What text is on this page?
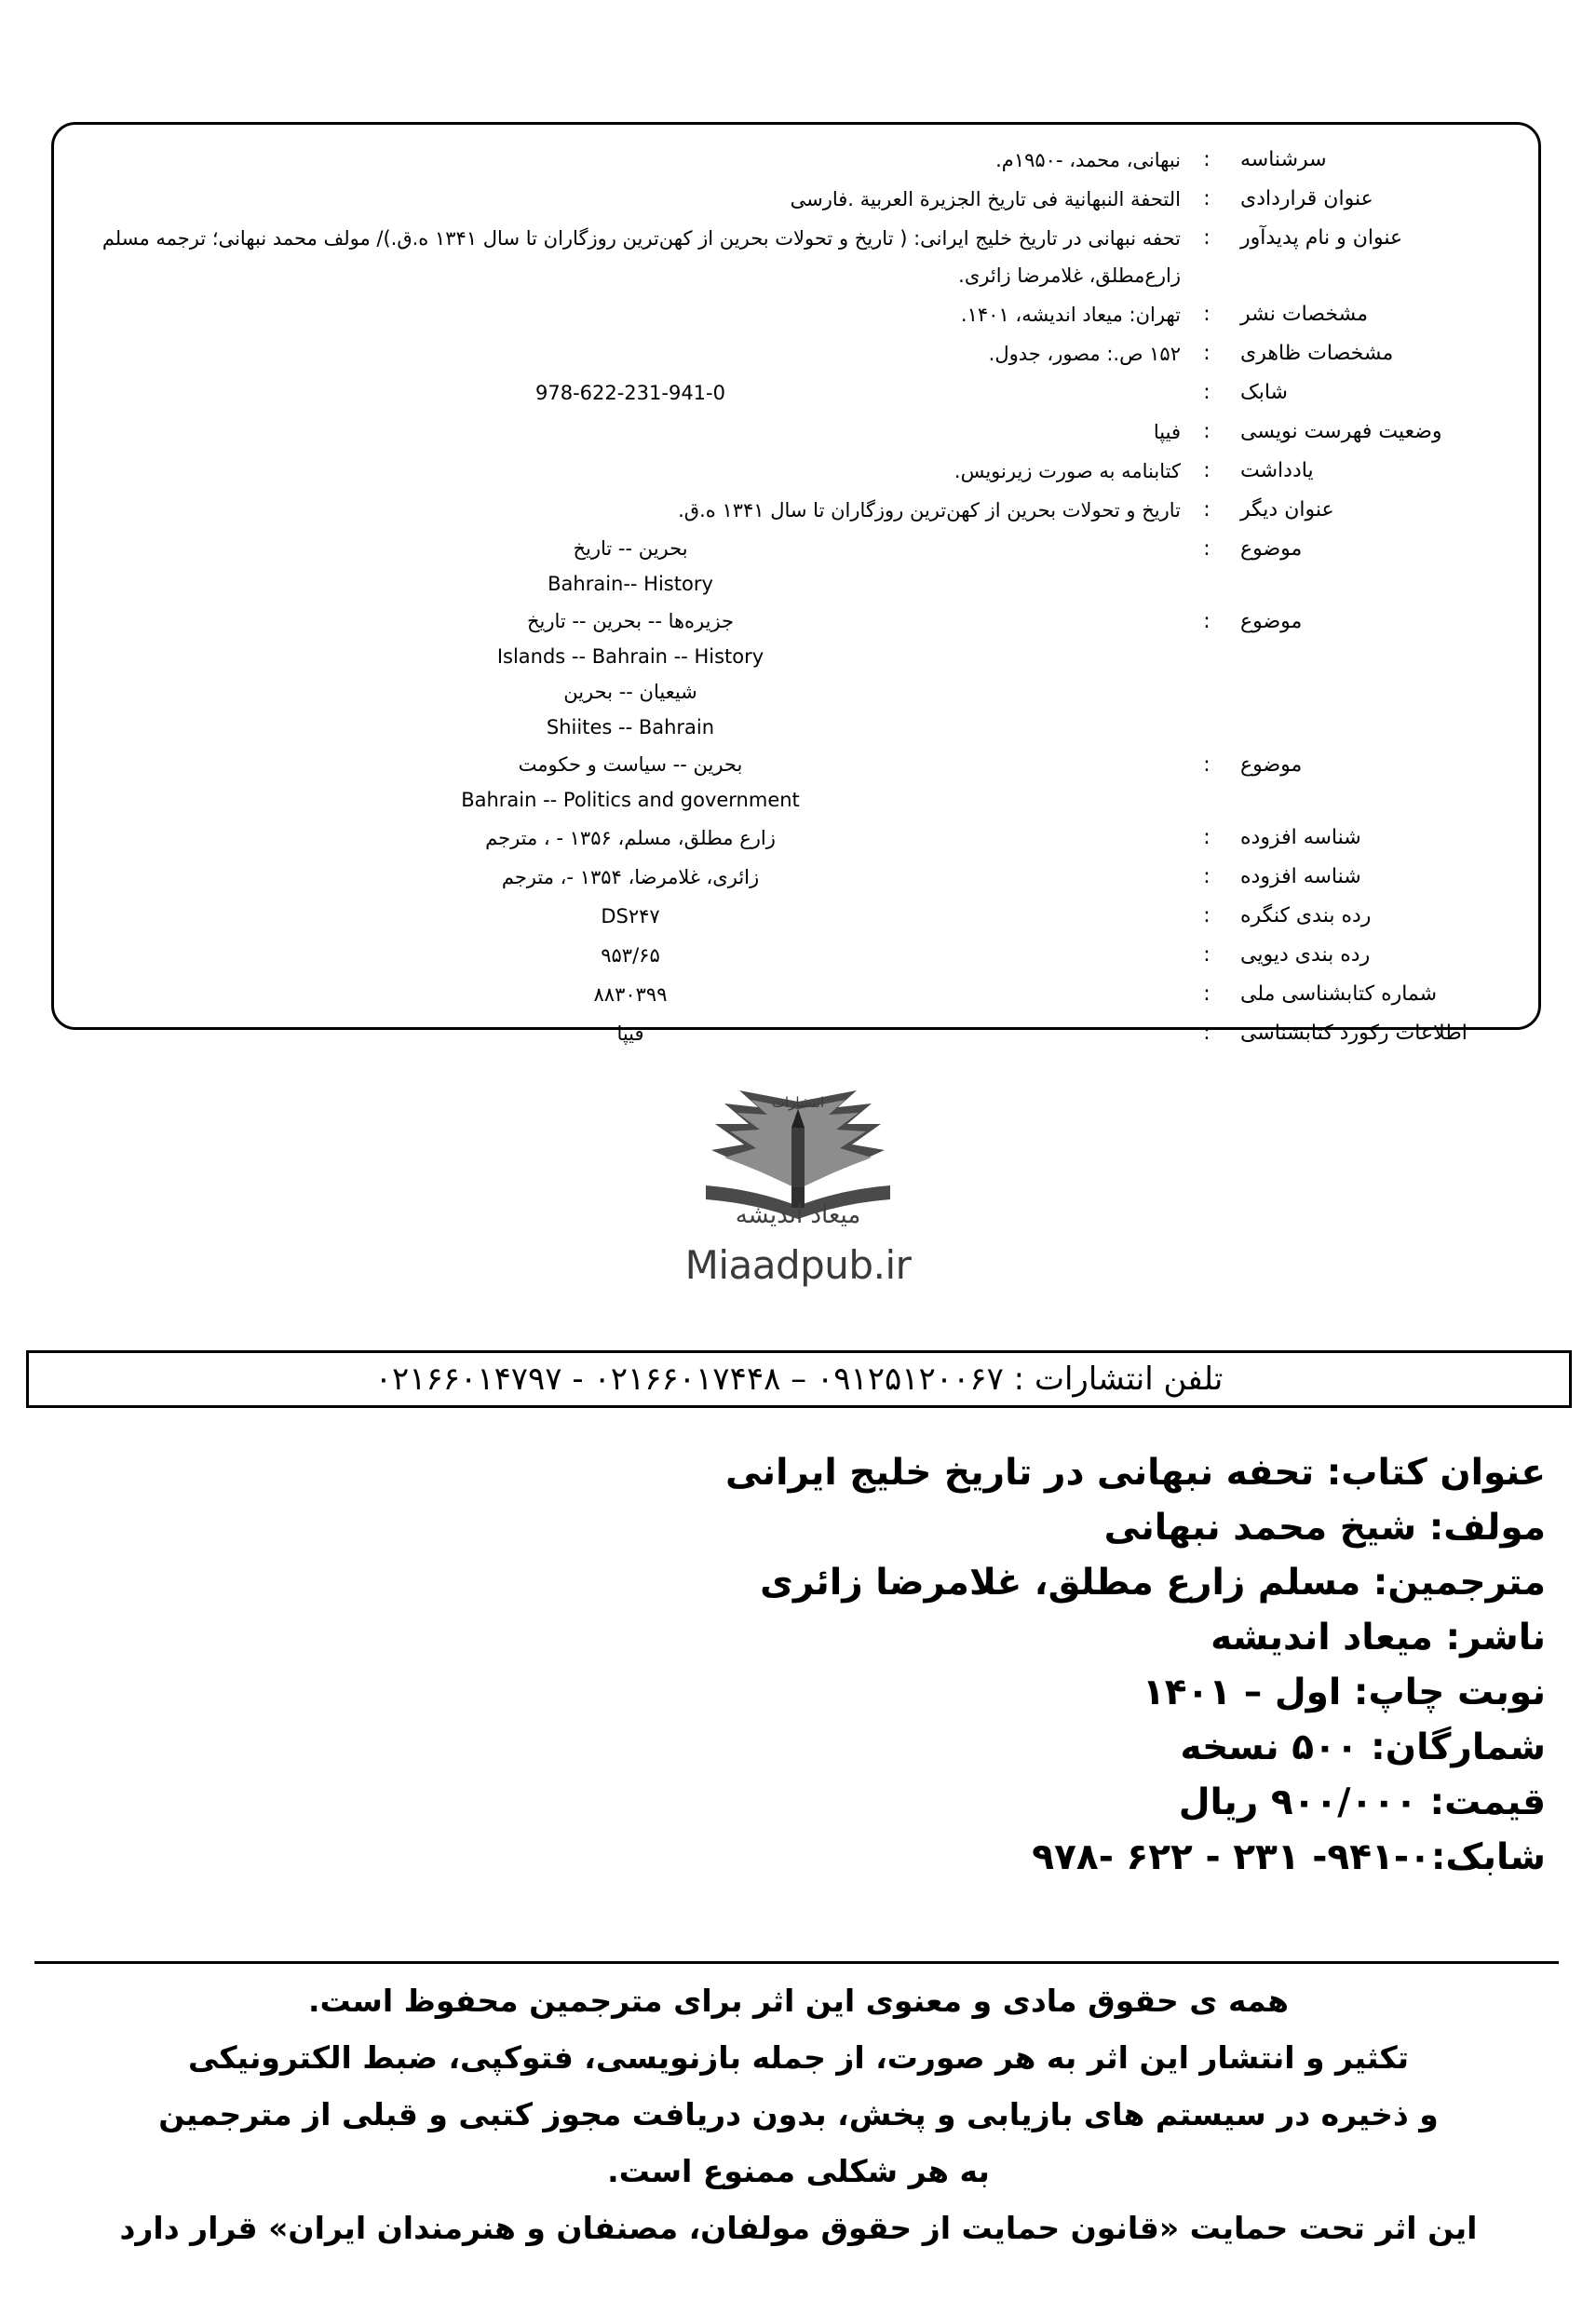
سرشناسه
:
نبهانی، محمد، -۱۹۵۰م.
عنوان قراردادی
:
التحفة النبهانیة فی تاریخ الجزیرة العربیة .فارسی
عنوان و نام پدیدآور
:
تحفه نبهانی در تاریخ خلیج ایرانی: ( تاریخ و تحولات بحرین از کهن‌ترین روزگاران تا سال ۱۳۴۱ ه.ق.)/ مولف محمد نبهانی؛ ترجمه مسلم زارع‌مطلق، غلامرضا زائری.
مشخصات نشر
:
تهران: میعاد اندیشه، ۱۴۰۱.
مشخصات ظاهری
:
۱۵۲ ص.: مصور، جدول.
شابک
:
978-622-231-941-0
وضعیت فهرست نویسی
:
فیپا
یادداشت
:
کتابنامه به صورت زیرنویس.
عنوان دیگر
:
تاریخ و تحولات بحرین از کهن‌ترین روزگاران تا سال ۱۳۴۱ ه.ق.
موضوع
:
بحرین -- تاریخ
Bahrain-- History
موضوع
:
جزیره‌ها -- بحرین -- تاریخ
Islands -- Bahrain -- History
شیعیان -- بحرین
Shiites -- Bahrain
موضوع
:
بحرین -- سیاست و حکومت
Bahrain -- Politics and government
شناسه افزوده
:
زارع مطلق، مسلم، ۱۳۵۶ - ، مترجم
شناسه افزوده
:
زائری، غلامرضا، ۱۳۵۴ -، مترجم
رده بندی کنگره
:
DS۲۴۷
رده بندی دیویی
:
۹۵۳/۶۵
شماره کتابشناسی ملی
:
۸۸۳۰۳۹۹
اطلاعات رکورد کتابشناسی
:
فیپا
انتشارات
میعاد اندیشه
Miaadpub.ir
تلفن انتشارات : ۰۹۱۲۵۱۲۰۰۶۷ – ۰۲۱۶۶۰۱۷۴۴۸ - ۰۲۱۶۶۰۱۴۷۹۷
عنوان کتاب: تحفه نبهانی در تاریخ خلیج ایرانی
مولف: شیخ محمد نبهانی
مترجمین: مسلم زارع مطلق، غلامرضا زائری
ناشر: میعاد اندیشه
نوبت چاپ: اول – ۱۴۰۱
شمارگان: ۵۰۰ نسخه
قیمت: ۹۰۰/۰۰۰ ریال
شابک:۰-۹۴۱- ۲۳۱ - ۶۲۲ -۹۷۸
همه ی حقوق مادی و معنوی این اثر برای مترجمین محفوظ است.
تکثیر و انتشار این اثر به هر صورت، از جمله بازنویسی، فتوکپی، ضبط الکترونیکی
و ذخیره در سیستم های بازیابی و پخش، بدون دریافت مجوز کتبی و قبلی از مترجمین
به هر شکلی ممنوع است.
این اثر تحت حمایت «قانون حمایت از حقوق مولفان، مصنفان و هنرمندان ایران» قرار دارد
